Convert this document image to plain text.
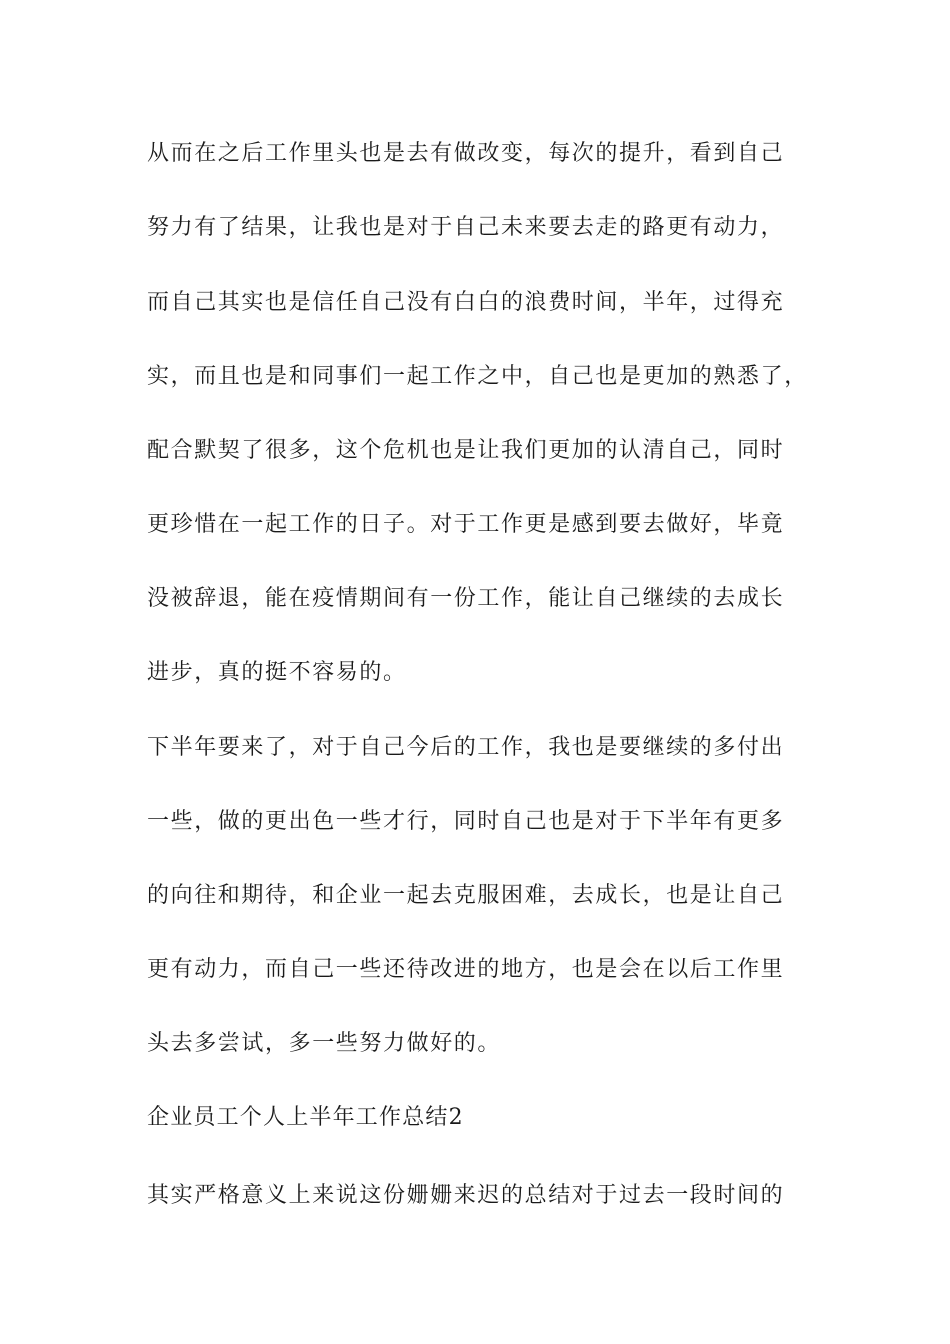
从而在之后工作里头也是去有做改变，每次的提升，看到自己
努力有了结果，让我也是对于自己未来要去走的路更有动力，
而自己其实也是信任自己没有白白的浪费时间，半年，过得充
实，而且也是和同事们一起工作之中，自己也是更加的熟悉了，
配合默契了很多，这个危机也是让我们更加的认清自己，同时
更珍惜在一起工作的日子。对于工作更是感到要去做好，毕竟
没被辞退，能在疫情期间有一份工作，能让自己继续的去成长
进步，真的挺不容易的。
下半年要来了，对于自己今后的工作，我也是要继续的多付出
一些，做的更出色一些才行，同时自己也是对于下半年有更多
的向往和期待，和企业一起去克服困难，去成长，也是让自己
更有动力，而自己一些还待改进的地方，也是会在以后工作里
头去多尝试，多一些努力做好的。
企业员工个人上半年工作总结2
其实严格意义上来说这份姗姗来迟的总结对于过去一段时间的
